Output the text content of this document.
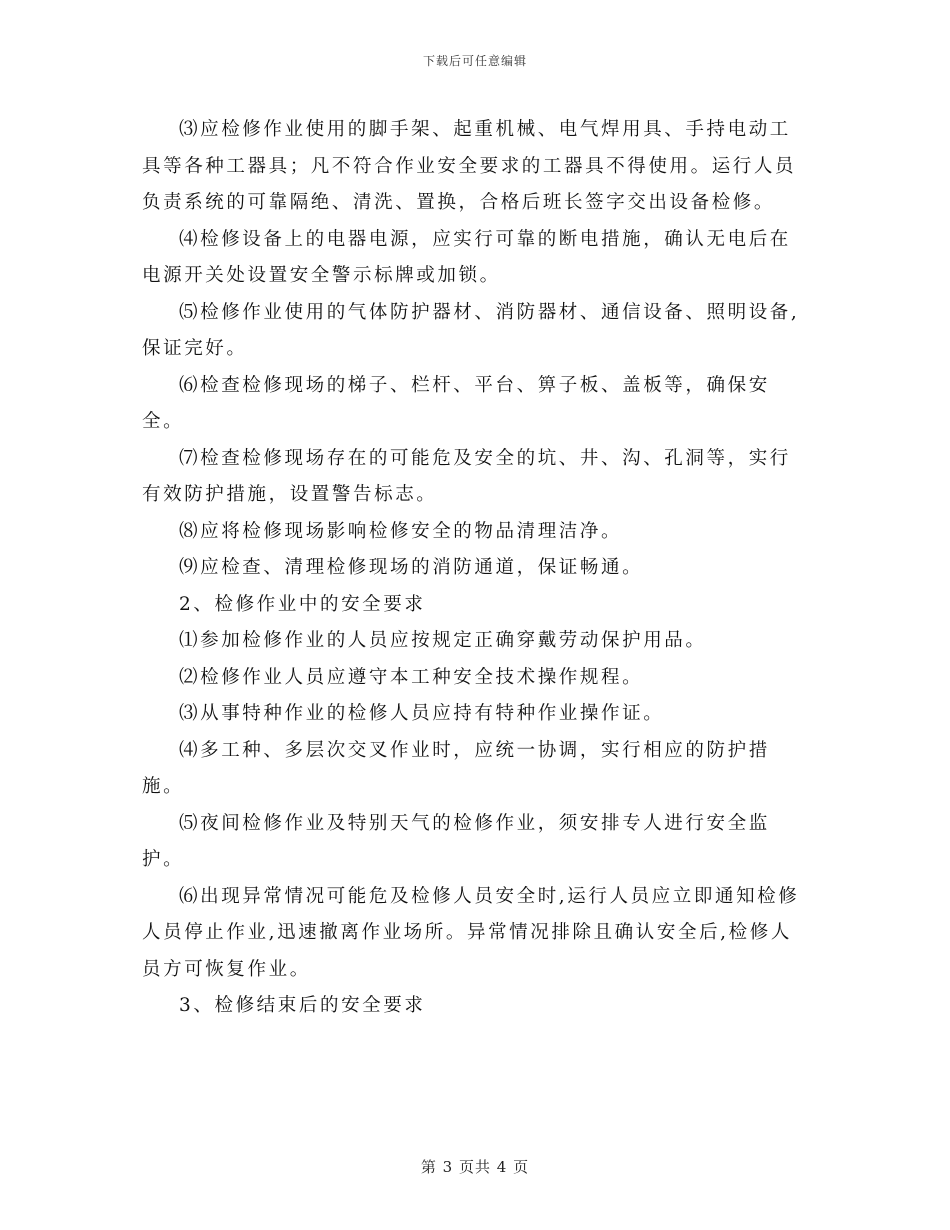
下载后可任意编辑

⑶应检修作业使用的脚手架、起重机械、电气焊用具、手持电动工具等各种工器具；凡不符合作业安全要求的工器具不得使用。运行人员负责系统的可靠隔绝、清洗、置换，合格后班长签字交出设备检修。

⑷检修设备上的电器电源，应实行可靠的断电措施，确认无电后在电源开关处设置安全警示标牌或加锁。

⑸检修作业使用的气体防护器材、消防器材、通信设备、照明设备,保证完好。

⑹检查检修现场的梯子、栏杆、平台、箅子板、盖板等，确保安全。

⑺检查检修现场存在的可能危及安全的坑、井、沟、孔洞等，实行有效防护措施，设置警告标志。

⑻应将检修现场影响检修安全的物品清理洁净。

⑼应检查、清理检修现场的消防通道，保证畅通。

2、检修作业中的安全要求

⑴参加检修作业的人员应按规定正确穿戴劳动保护用品。

⑵检修作业人员应遵守本工种安全技术操作规程。

⑶从事特种作业的检修人员应持有特种作业操作证。

⑷多工种、多层次交叉作业时，应统一协调，实行相应的防护措施。

⑸夜间检修作业及特别天气的检修作业，须安排专人进行安全监护。

⑹出现异常情况可能危及检修人员安全时,运行人员应立即通知检修人员停止作业,迅速撤离作业场所。异常情况排除且确认安全后,检修人员方可恢复作业。

3、检修结束后的安全要求

第 3 页共 4 页
